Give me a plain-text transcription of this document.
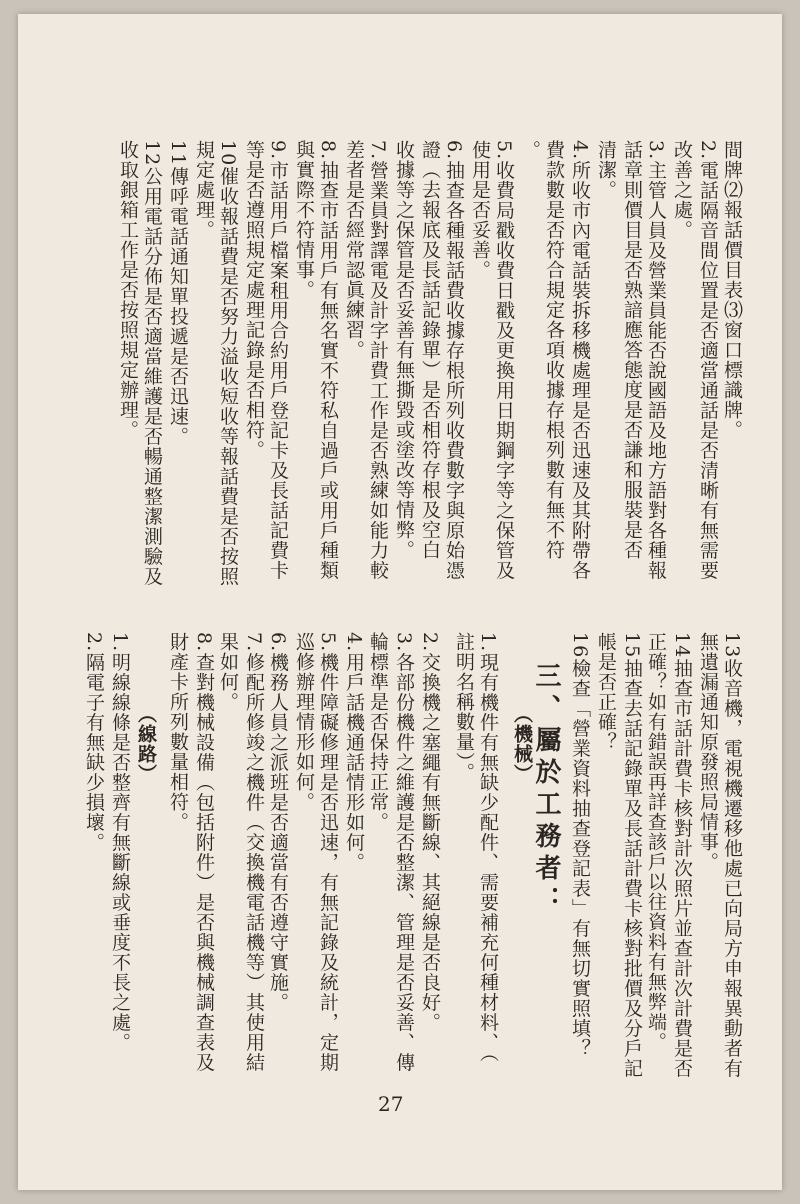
間牌⑵報話價目表⑶窗口標識牌。
2.電話隔音間位置是否適當通話是否清晰有無需要
改善之處。
3.主管人員及營業員能否說國語及地方語對各種報
話章則價目是否熟諳應答態度是否謙和服裝是否
清潔。
4.所收市內電話裝拆移機處理是否迅速及其附帶各
費款數是否符合規定各項收據存根列數有無不符
。
5.收費局戳收費日戳及更換用日期鋼字等之保管及
使用是否妥善。
6.抽查各種報話費收據存根所列收費數字與原始憑
證（去報底及長話記錄單）是否相符存根及空白
收據等之保管是否妥善有無撕毀或塗改等情弊。
7.營業員對譯電及計字計費工作是否熟練如能力較
差者是否經常認眞練習。
8.抽查市話用戶有無名實不符私自過戶或用戶種類
與實際不符情事。
9.市話用戶檔案租用合約用戶登記卡及長話記費卡
等是否遵照規定處理記錄是否相符。
10催收報話費是否努力溢收短收等報話費是否按照
規定處理。
11傳呼電話通知單投遞是否迅速。
12公用電話分佈是否適當維護是否暢通整潔測驗及
收取銀箱工作是否按照規定辦理。
13收音機，電視機遷移他處已向局方申報異動者有
無遺漏通知原發照局情事。
14抽查市話計費卡核對計次照片並查計次計費是否
正確？如有錯誤再詳查該戶以往資料有無弊端。
15抽查去話記錄單及長話計費卡核對批價及分戶記
帳是否正確？
16檢查「營業資料抽查登記表」有無切實照填？
三、屬於工務者：
（機械）
1.現有機件有無缺少配件、需要補充何種材料、（
註明名稱數量）。
2.交換機之塞繩有無斷線、其絕線是否良好。
3.各部份機件之維護是否整潔、管理是否妥善、傳
輪標準是否保持正常。
4.用戶話機通話情形如何。
5.機件障礙修理是否迅速，有無記錄及統計，定期
巡修辦理情形如何。
6.機務人員之派班是否適當有否遵守實施。
7.修配所修竣之機件（交換機電話機等）其使用結
果如何。
8.查對機械設備（包括附件）是否與機械調查表及
財產卡所列數量相符。
（線路）
1.明線線條是否整齊有無斷線或垂度不長之處。
2.隔電子有無缺少損壞。
27
